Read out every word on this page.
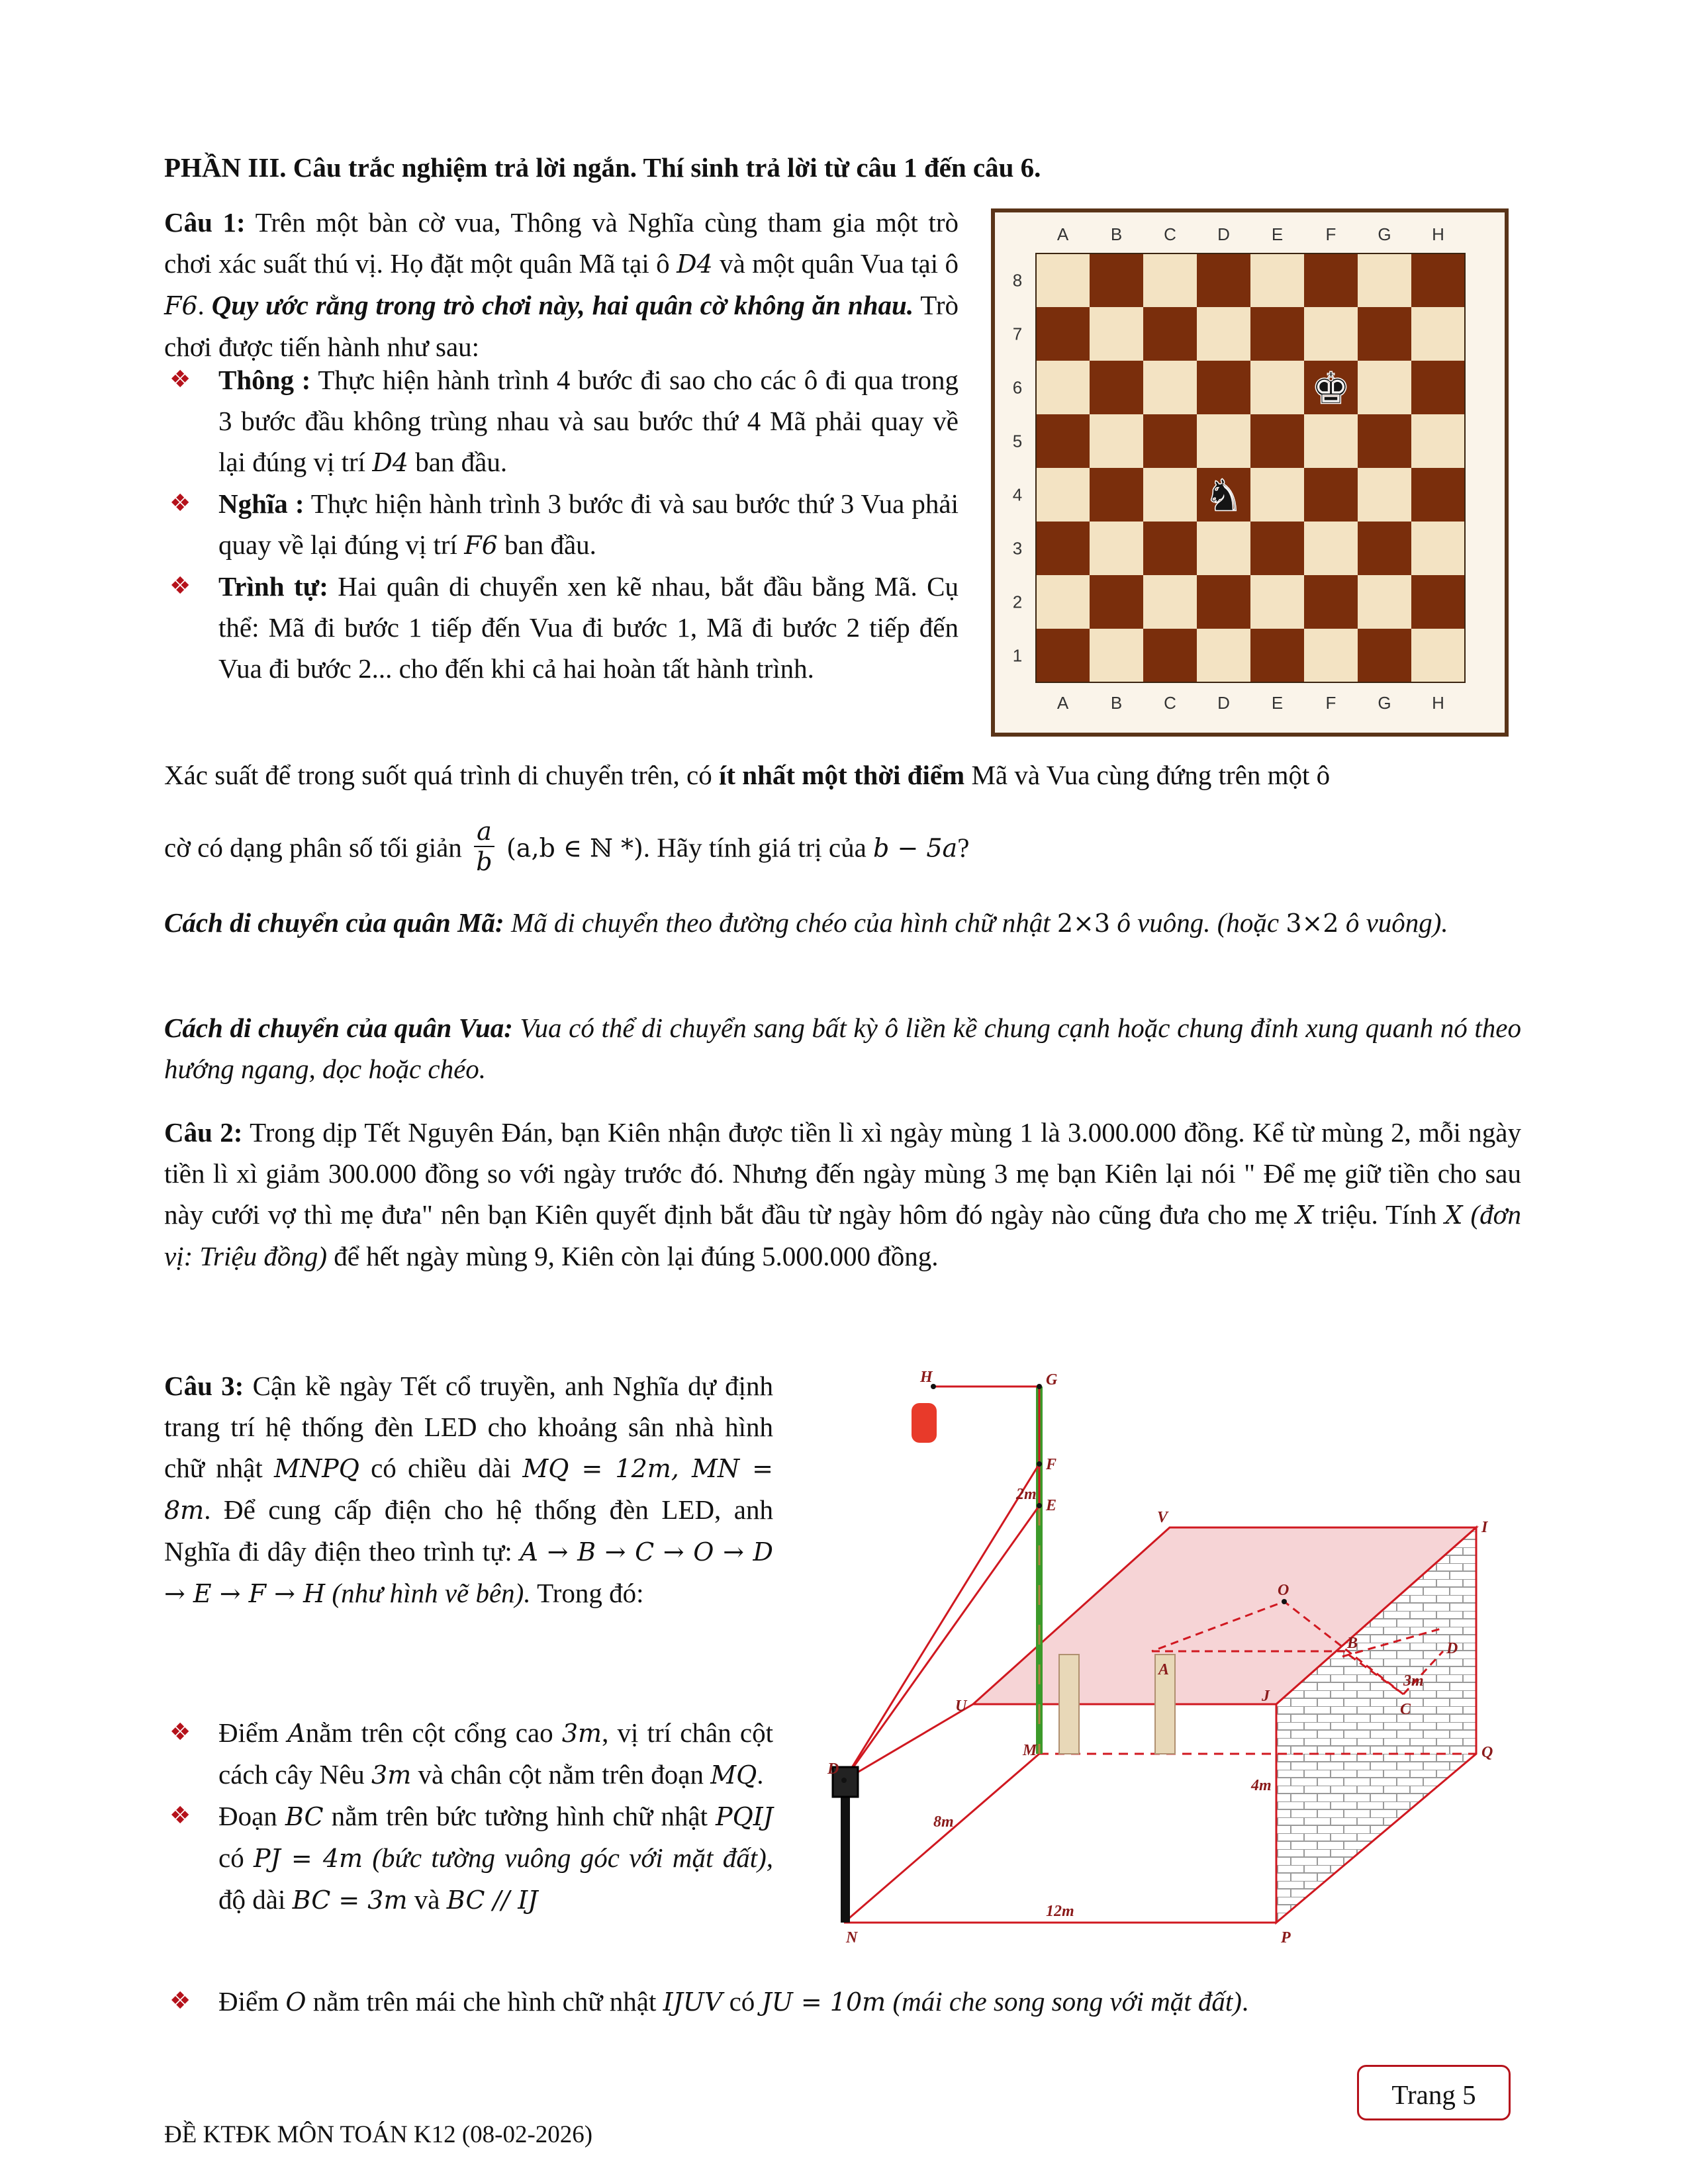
PHẦN III. Câu trắc nghiệm trả lời ngắn. Thí sinh trả lời từ câu 1 đến câu 6.
Câu 1: Trên một bàn cờ vua, Thông và Nghĩa cùng tham gia một trò chơi xác suất thú vị. Họ đặt một quân Mã tại ô D4 và một quân Vua tại ô F6. Quy ước rằng trong trò chơi này, hai quân cờ không ăn nhau. Trò chơi được tiến hành như sau:
❖ Thông : Thực hiện hành trình 4 bước đi sao cho các ô đi qua trong 3 bước đầu không trùng nhau và sau bước thứ 4 Mã phải quay về lại đúng vị trí D4 ban đầu.
❖ Nghĩa : Thực hiện hành trình 3 bước đi và sau bước thứ 3 Vua phải quay về lại đúng vị trí F6 ban đầu.
❖ Trình tự: Hai quân di chuyển xen kẽ nhau, bắt đầu bằng Mã. Cụ thể: Mã đi bước 1 tiếp đến Vua đi bước 1, Mã đi bước 2 tiếp đến Vua đi bước 2... cho đến khi cả hai hoàn tất hành trình.
A
A
B
B
C
C
D
D
E
E
F
F
G
G
H
H
8
7
6
5
4
3
2
1
♚
♞
Xác suất để trong suốt quá trình di chuyển trên, có ít nhất một thời điểm Mã và Vua cùng đứng trên một ô
cờ có dạng phân số tối giản $\frac{a}{b} (a,b$ ∈ ℕ *). Hãy tính giá trị của b − 5a?
Cách di chuyển của quân Mã: Mã di chuyển theo đường chéo của hình chữ nhật 2×3 ô vuông. (hoặc 3×2 ô vuông).
Cách di chuyển của quân Vua: Vua có thể di chuyển sang bất kỳ ô liền kề chung cạnh hoặc chung đỉnh xung quanh nó theo hướng ngang, dọc hoặc chéo.
Câu 2: Trong dịp Tết Nguyên Đán, bạn Kiên nhận được tiền lì xì ngày mùng 1 là 3.000.000 đồng. Kể từ mùng 2, mỗi ngày tiền lì xì giảm 300.000 đồng so với ngày trước đó. Nhưng đến ngày mùng 3 mẹ bạn Kiên lại nói " Để mẹ giữ tiền cho sau này cưới vợ thì mẹ đưa" nên bạn Kiên quyết định bắt đầu từ ngày hôm đó ngày nào cũng đưa cho mẹ X triệu. Tính X (đơn vị: Triệu đồng) để hết ngày mùng 9, Kiên còn lại đúng 5.000.000 đồng.
Câu 3: Cận kề ngày Tết cổ truyền, anh Nghĩa dự định trang trí hệ thống đèn LED cho khoảng sân nhà hình chữ nhật MNPQ có chiều dài MQ = 12m, MN = 8m. Để cung cấp điện cho hệ thống đèn LED, anh Nghĩa đi dây điện theo trình tự: A → B → C → O → D → E → F → H (như hình vẽ bên). Trong đó:
❖ Điểm Anằm trên cột cổng cao 3m, vị trí chân cột cách cây Nêu 3m và chân cột nằm trên đoạn MQ.
❖ Đoạn BC nằm trên bức tường hình chữ nhật PQIJ có PJ = 4m (bức tường vuông góc với mặt đất), độ dài BC = 3m và BC // IJ
❖ Điểm O nằm trên mái che hình chữ nhật IJUV có JU = 10m (mái che song song với mặt đất).
H	G
F
E
V
I
O
D
U
J
B
A
C
M	Q
D
N	P
2m
3m
4m
8m
12m
Trang 5
ĐỀ KTĐK MÔN TOÁN K12 (08-02-2026)
